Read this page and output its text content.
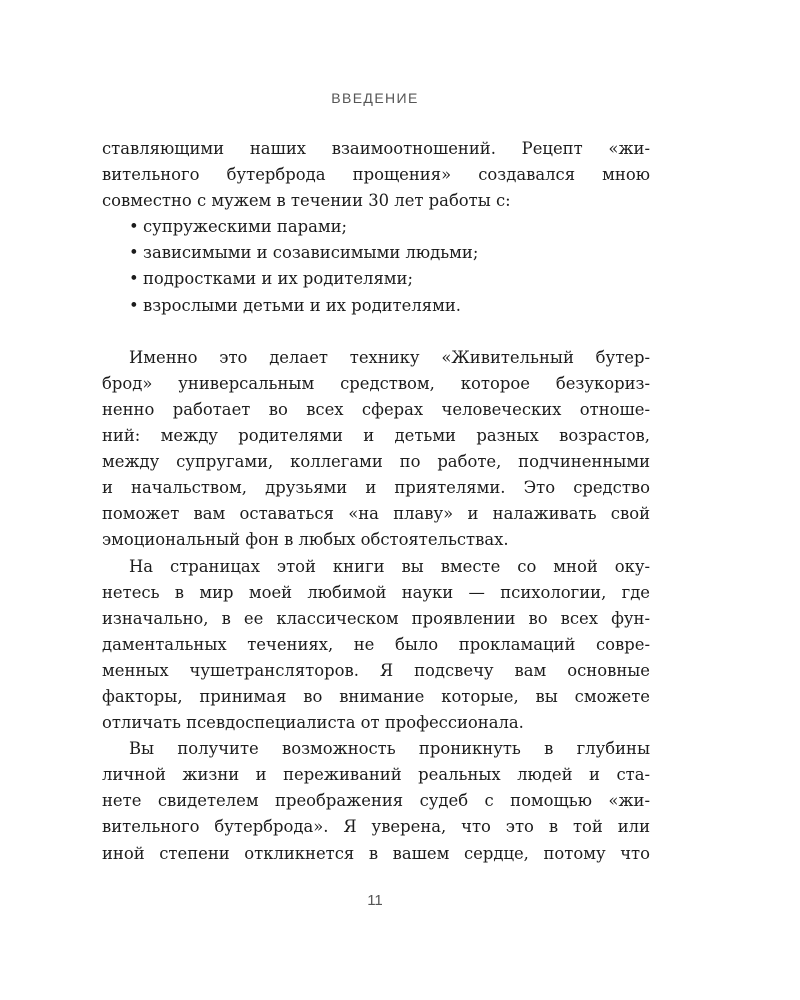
ВВЕДЕНИЕ
ставляющими наших взаимоотношений. Рецепт «жи-
вительного бутерброда прощения» создавался мною
совместно с мужем в течении 30 лет работы с:
• супружескими парами;
• зависимыми и созависимыми людьми;
• подростками и их родителями;
• взрослыми детьми и их родителями.
Именно это делает технику «Живительный бутер-
брод» универсальным средством, которое безукориз-
ненно работает во всех сферах человеческих отноше-
ний: между родителями и детьми разных возрастов,
между супругами, коллегами по работе, подчиненными
и начальством, друзьями и приятелями. Это средство
поможет вам оставаться «на плаву» и налаживать свой
эмоциональный фон в любых обстоятельствах.
На страницах этой книги вы вместе со мной оку-
нетесь в мир моей любимой науки — психологии, где
изначально, в ее классическом проявлении во всех фун-
даментальных течениях, не было прокламаций совре-
менных чушетрансляторов. Я подсвечу вам основные
факторы, принимая во внимание которые, вы сможете
отличать псевдоспециалиста от профессионала.
Вы получите возможность проникнуть в глубины
личной жизни и переживаний реальных людей и ста-
нете свидетелем преображения судеб с помощью «жи-
вительного бутерброда». Я уверена, что это в той или
иной степени откликнется в вашем сердце, потому что
11
